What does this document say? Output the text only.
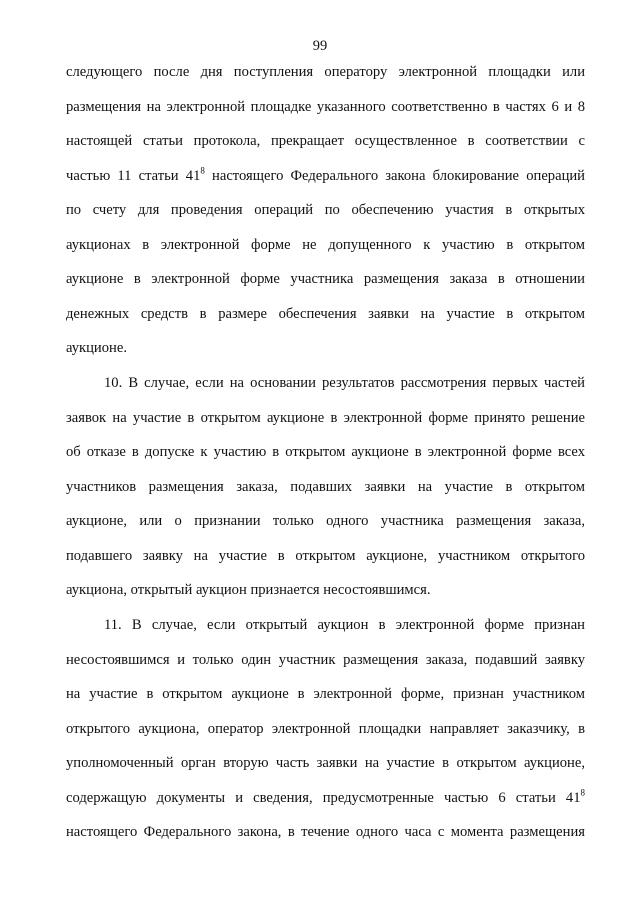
99
следующего после дня поступления оператору электронной площадки или
размещения на электронной площадке указанного соответственно в частях 6 и 8
настоящей статьи протокола, прекращает осуществленное в соответствии с
частью 11 статьи $41^8$ настоящего Федерального закона блокирование операций
по счету для проведения операций по обеспечению участия в открытых
аукционах в электронной форме не допущенного к участию в открытом
аукционе в электронной форме участника размещения заказа в отношении
денежных средств в размере обеспечения заявки на участие в открытом
аукционе.
10. В случае, если на основании результатов рассмотрения первых частей
заявок на участие в открытом аукционе в электронной форме принято решение
об отказе в допуске к участию в открытом аукционе в электронной форме всех
участников размещения заказа, подавших заявки на участие в открытом
аукционе, или о признании только одного участника размещения заказа,
подавшего заявку на участие в открытом аукционе, участником открытого
аукциона, открытый аукцион признается несостоявшимся.
11. В случае, если открытый аукцион в электронной форме признан
несостоявшимся и только один участник размещения заказа, подавший заявку
на участие в открытом аукционе в электронной форме, признан участником
открытого аукциона, оператор электронной площадки направляет заказчику, в
уполномоченный орган вторую часть заявки на участие в открытом аукционе,
содержащую документы и сведения, предусмотренные частью 6 статьи $41^8$
настоящего Федерального закона, в течение одного часа с момента размещения
